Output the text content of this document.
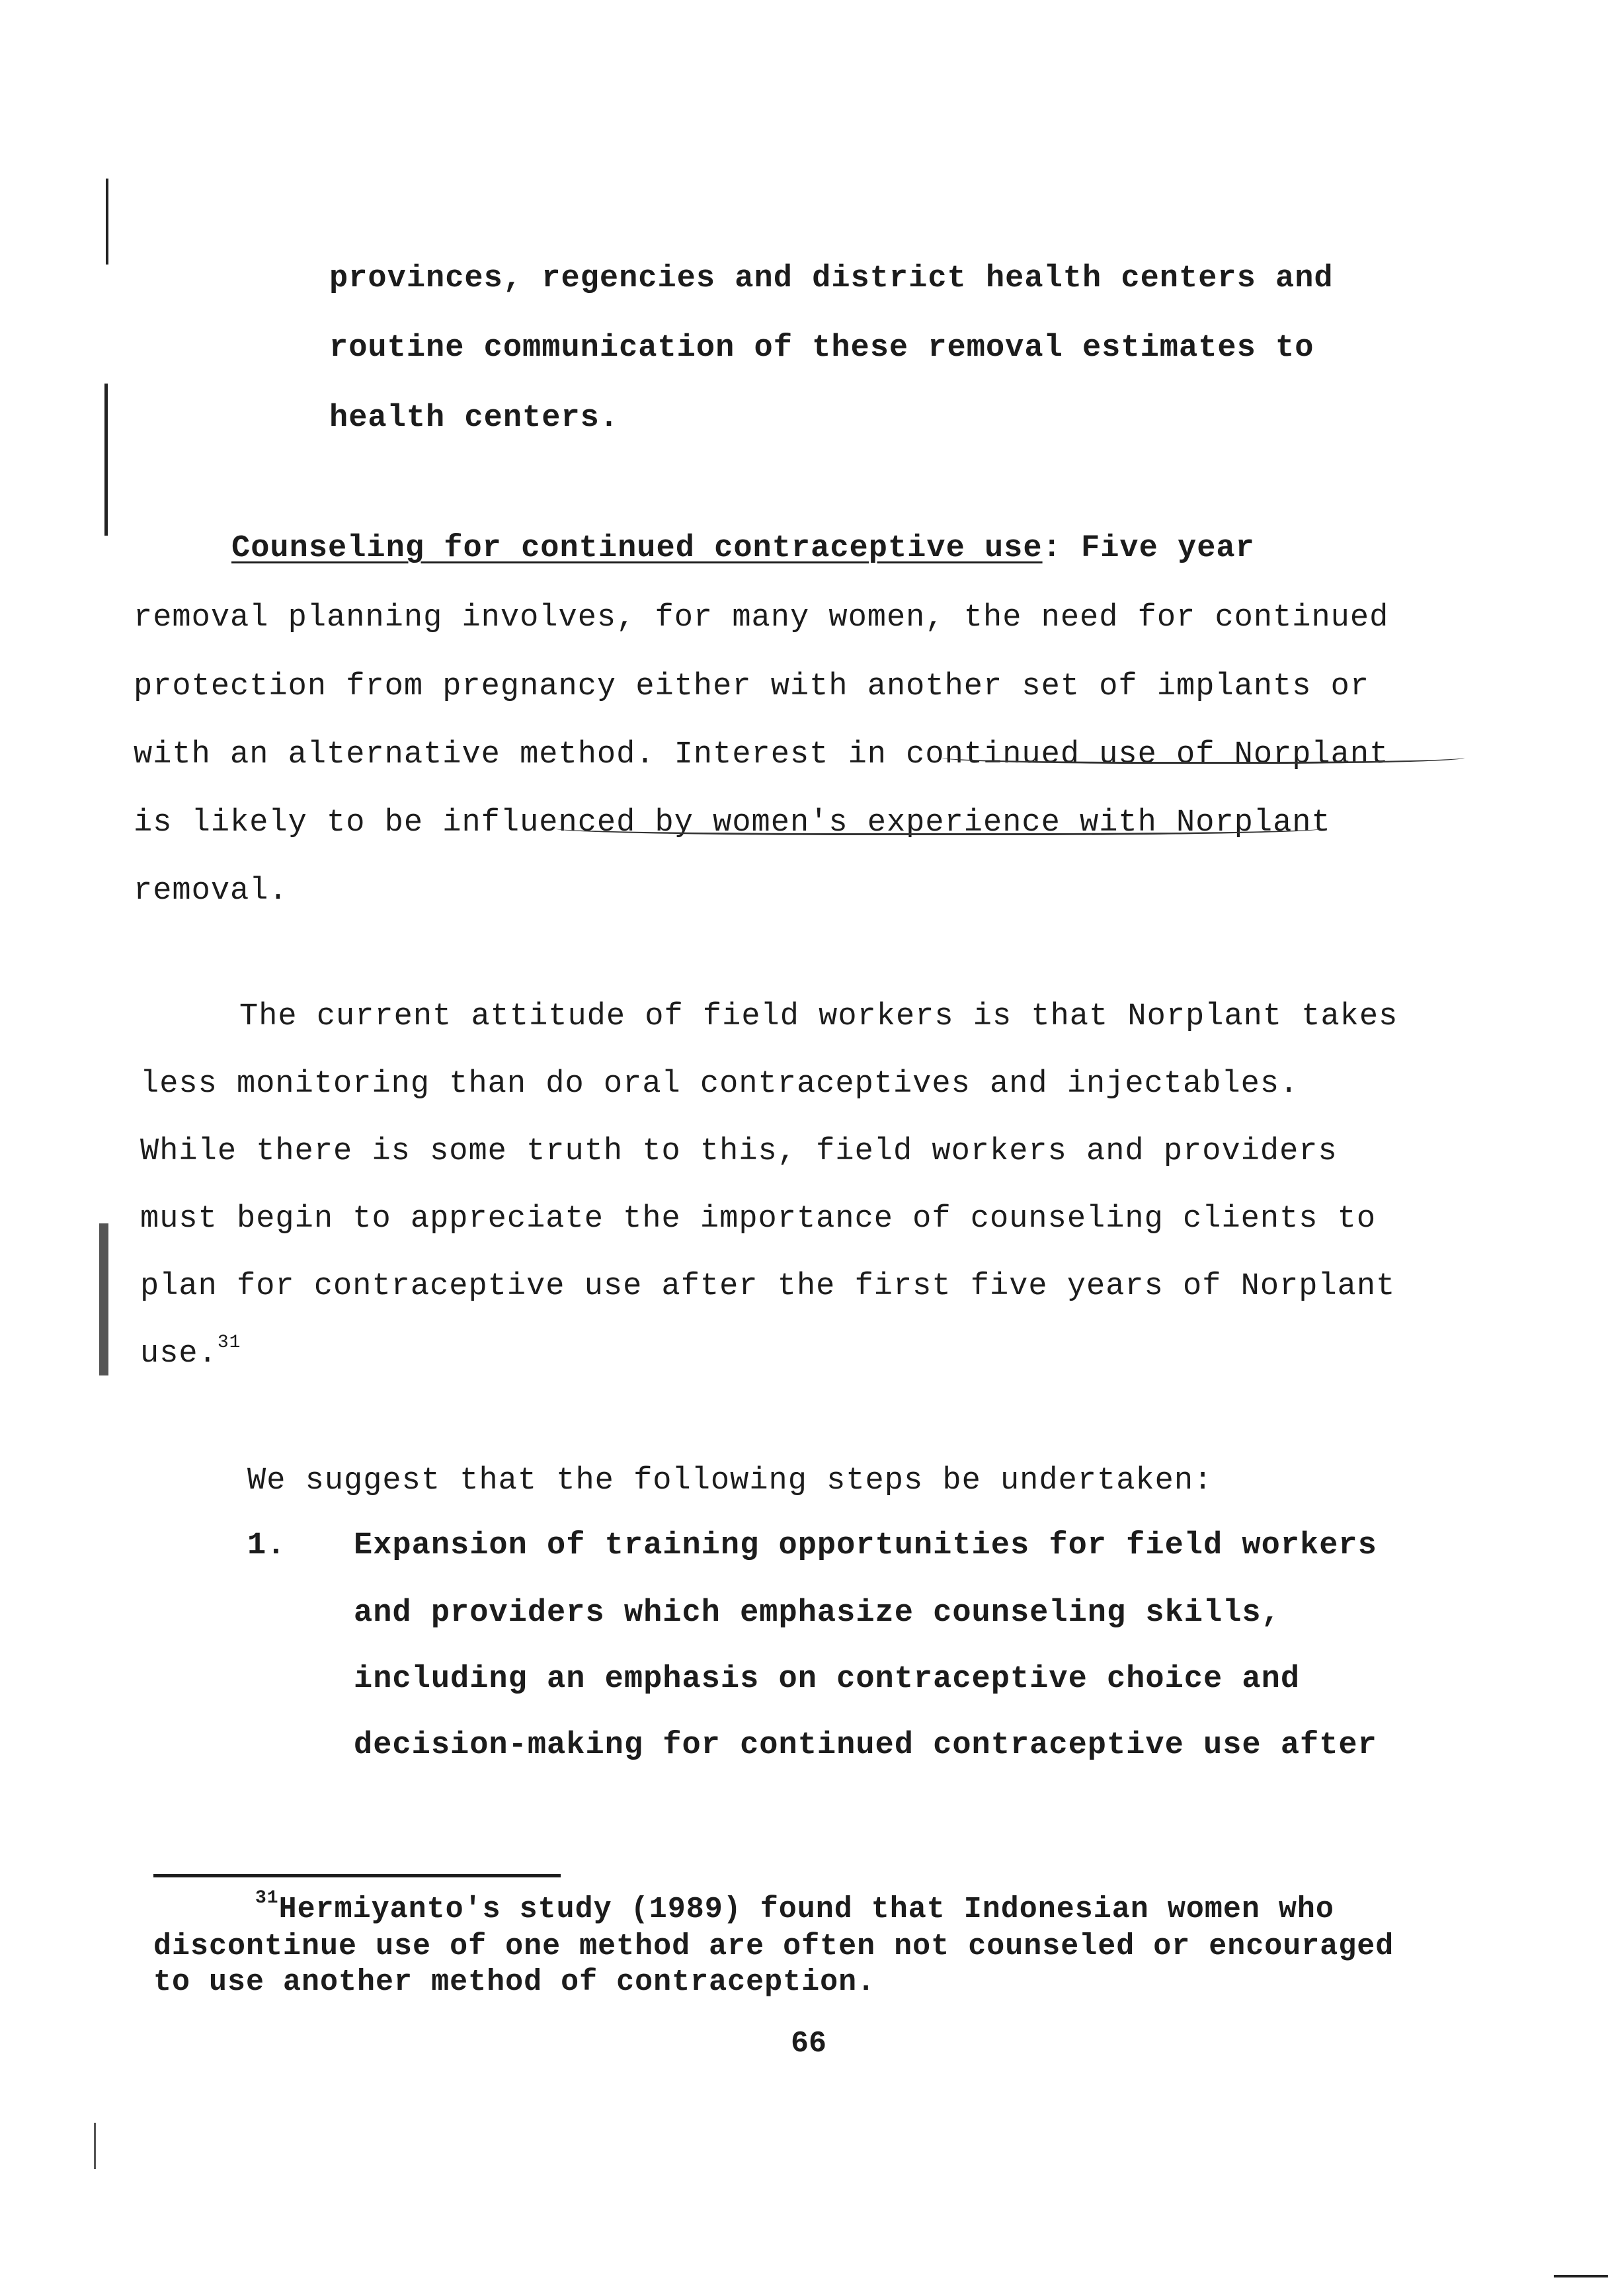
provinces, regencies and district health centers and
routine communication of these removal estimates to
health centers.
Counseling for continued contraceptive use: Five year
removal planning involves, for many women, the need for continued
protection from pregnancy either with another set of implants or
with an alternative method. Interest in continued use of Norplant
is likely to be influenced by women's experience with Norplant
removal.
The current attitude of field workers is that Norplant takes
less monitoring than do oral contraceptives and injectables.
While there is some truth to this, field workers and providers
must begin to appreciate the importance of counseling clients to
plan for contraceptive use after the first five years of Norplant
use.$^{31}$
We suggest that the following steps be undertaken:
1. Expansion of training opportunities for field workers
and providers which emphasize counseling skills,
including an emphasis on contraceptive choice and
decision-making for continued contraceptive use after
$^{31}$Hermiyanto's study (1989) found that Indonesian women who
discontinue use of one method are often not counseled or encouraged
to use another method of contraception.
66
